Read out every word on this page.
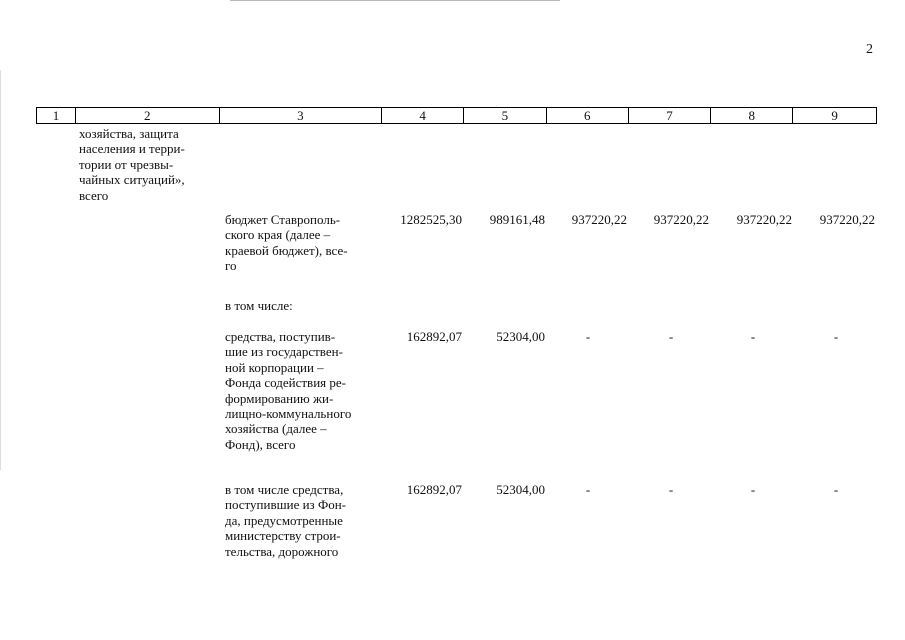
2
1	2	3	4	5	6	7	8	9
хозяйства, защита
населения и терри-
тории от чрезвы-
чайных ситуаций»,
всего
бюджет Ставрополь-
ского края (далее –
краевой бюджет), все-
го
1282525,30 989161,48 937220,22 937220,22 937220,22 937220,22
в том числе:
средства, поступив-
шие из государствен-
ной корпорации –
Фонда содействия ре-
формированию жи-
лищно-коммунального
хозяйства (далее –
Фонд), всего
162892,07	52304,00	-	-	-	-
в том числе средства,
поступившие из Фон-
да, предусмотренные
министерству строи-
тельства, дорожного
162892,07	52304,00	-	-	-	-
